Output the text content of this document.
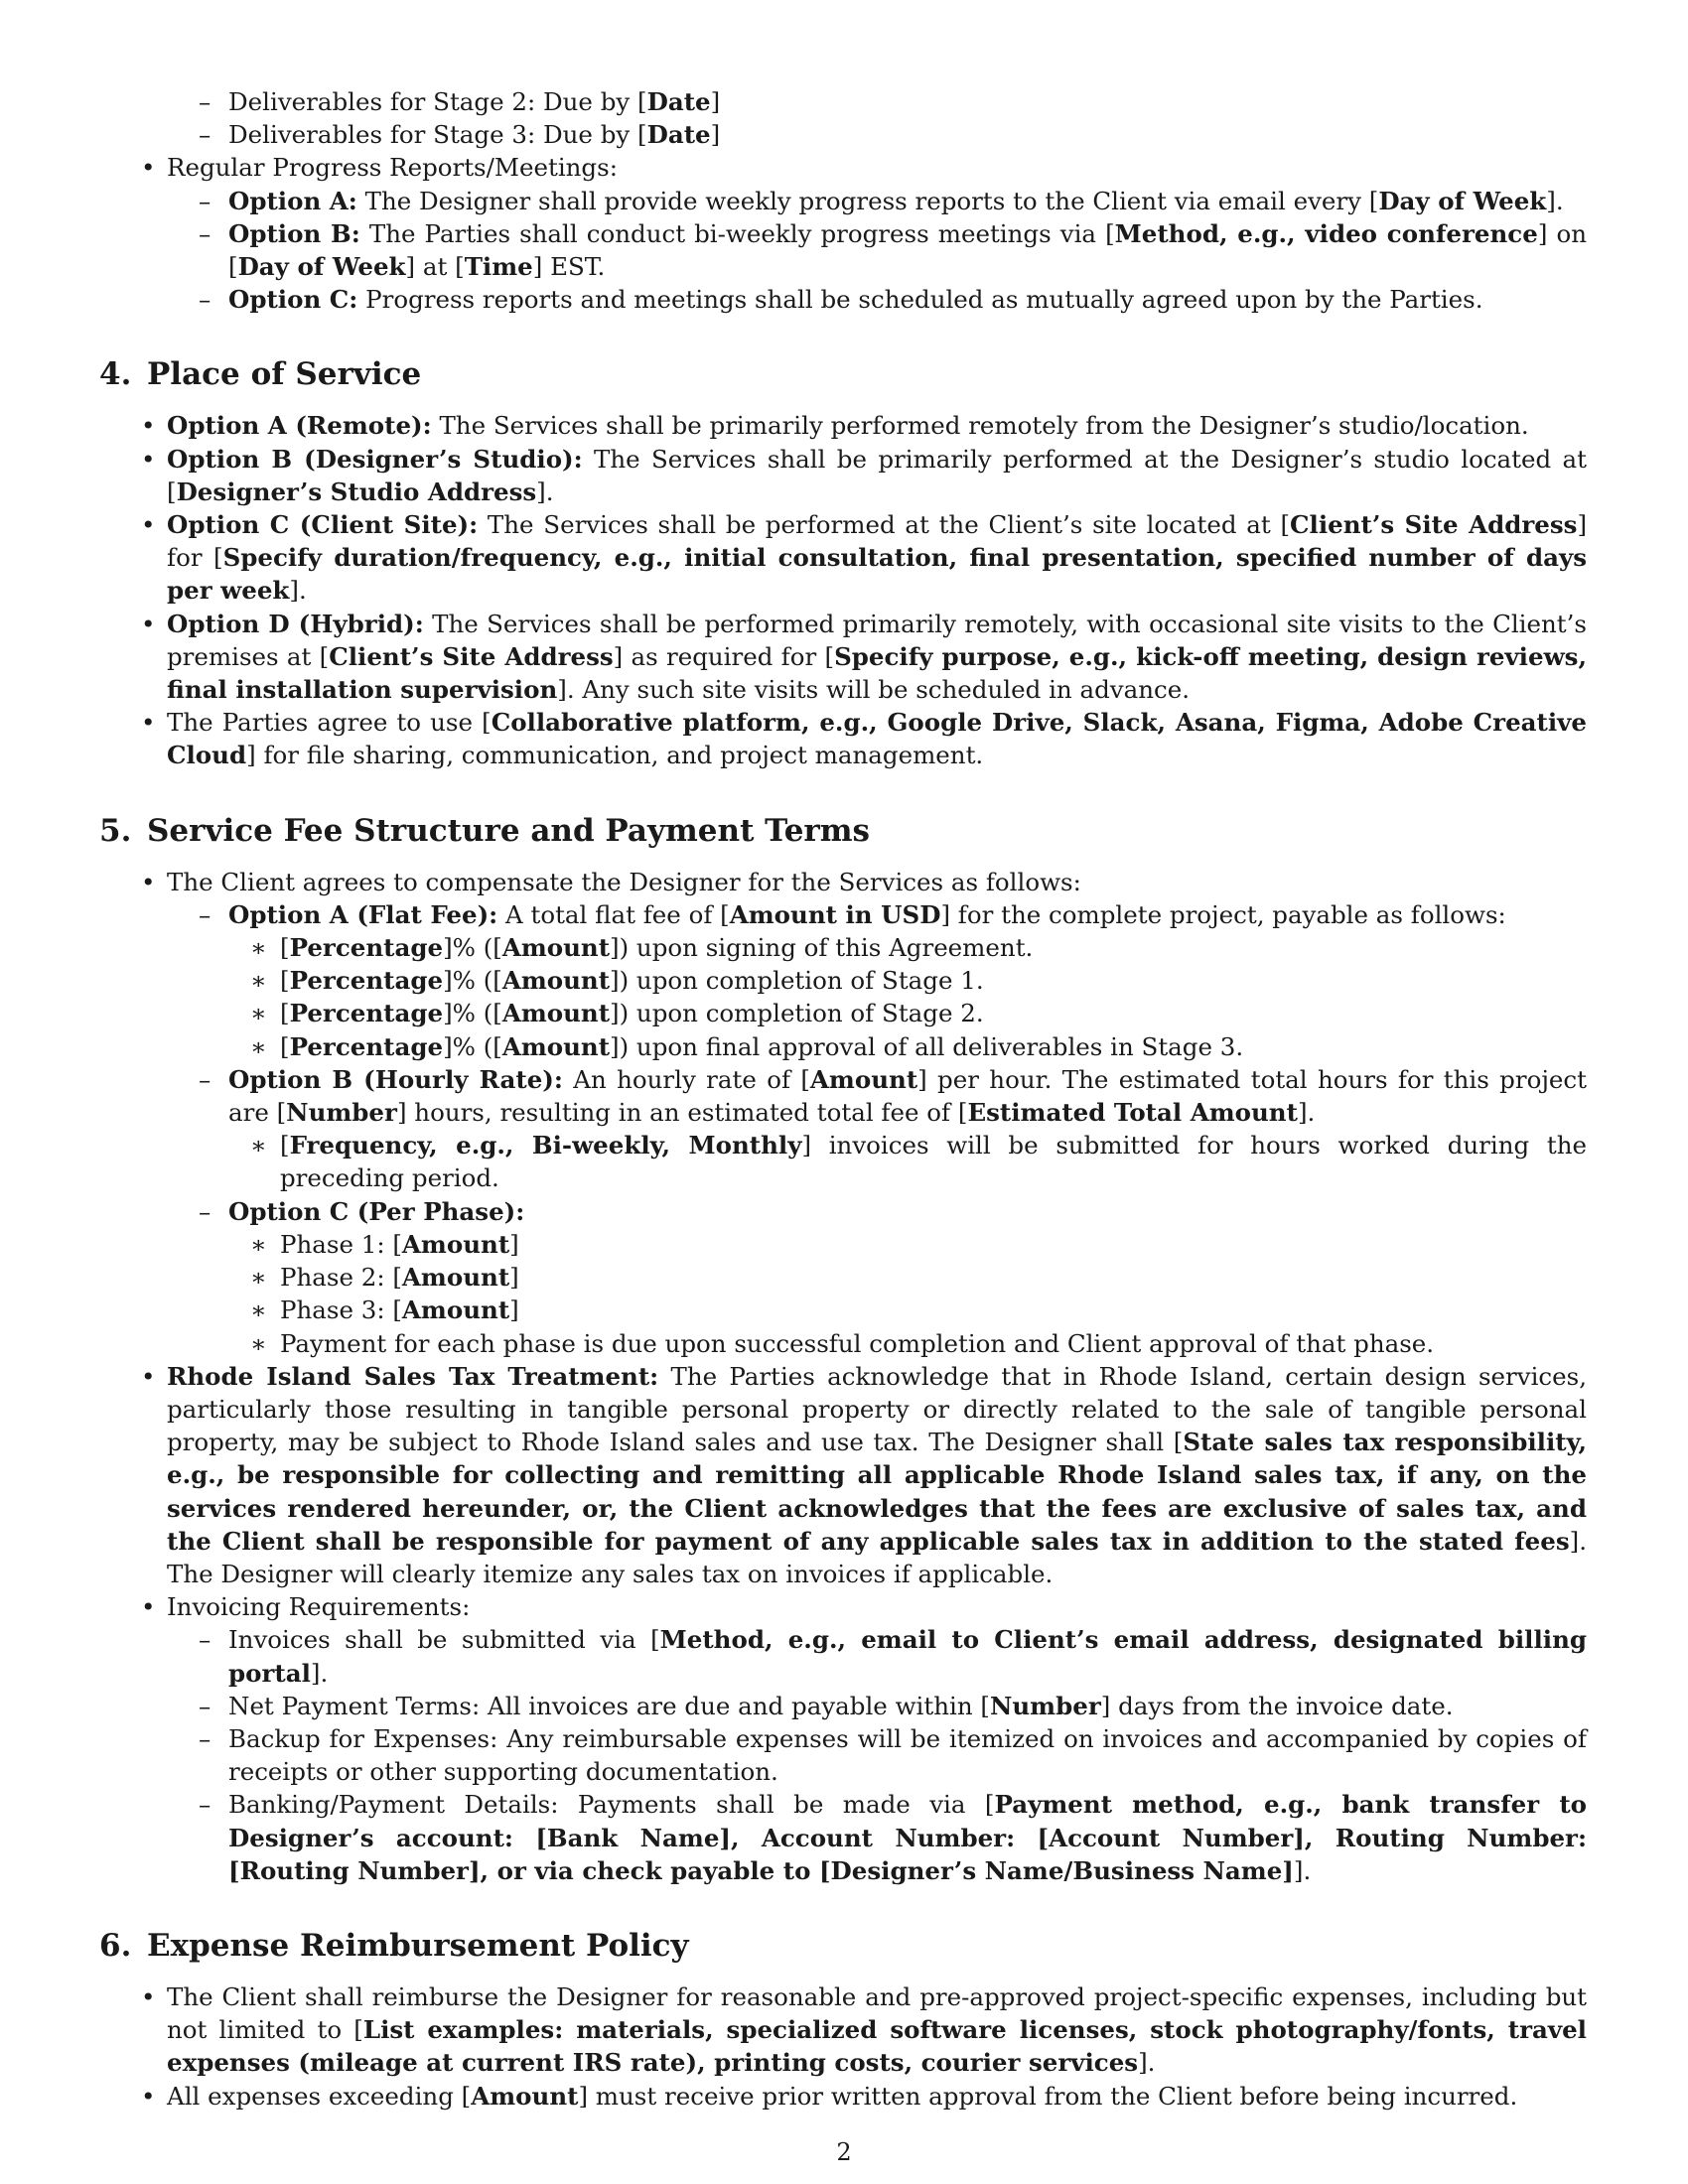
– Deliverables for Stage 2: Due by [Date]
– Deliverables for Stage 3: Due by [Date]
• Regular Progress Reports/Meetings:
– Option A: The Designer shall provide weekly progress reports to the Client via email every [Day of Week].
– Option B: The Parties shall conduct bi-weekly progress meetings via [Method, e.g., video conference] on [Day of Week] at [Time] EST.
– Option C: Progress reports and meetings shall be scheduled as mutually agreed upon by the Parties.
4. Place of Service
• Option A (Remote): The Services shall be primarily performed remotely from the Designer’s studio/location.
• Option B (Designer’s Studio): The Services shall be primarily performed at the Designer’s studio located at [Designer’s Studio Address].
• Option C (Client Site): The Services shall be performed at the Client’s site located at [Client’s Site Address] for [Specify duration/frequency, e.g., initial consultation, final presentation, specified number of days per week].
• Option D (Hybrid): The Services shall be performed primarily remotely, with occasional site visits to the Client’s premises at [Client’s Site Address] as required for [Specify purpose, e.g., kick-off meeting, design reviews, final installation supervision]. Any such site visits will be scheduled in advance.
• The Parties agree to use [Collaborative platform, e.g., Google Drive, Slack, Asana, Figma, Adobe Creative Cloud] for file sharing, communication, and project management.
5. Service Fee Structure and Payment Terms
• The Client agrees to compensate the Designer for the Services as follows:
– Option A (Flat Fee): A total flat fee of [Amount in USD] for the complete project, payable as follows:
∗ [Percentage]% ([Amount]) upon signing of this Agreement.
∗ [Percentage]% ([Amount]) upon completion of Stage 1.
∗ [Percentage]% ([Amount]) upon completion of Stage 2.
∗ [Percentage]% ([Amount]) upon final approval of all deliverables in Stage 3.
– Option B (Hourly Rate): An hourly rate of [Amount] per hour. The estimated total hours for this project are [Number] hours, resulting in an estimated total fee of [Estimated Total Amount].
∗ [Frequency, e.g., Bi-weekly, Monthly] invoices will be submitted for hours worked during the preceding period.
– Option C (Per Phase):
∗ Phase 1: [Amount]
∗ Phase 2: [Amount]
∗ Phase 3: [Amount]
∗ Payment for each phase is due upon successful completion and Client approval of that phase.
• Rhode Island Sales Tax Treatment: The Parties acknowledge that in Rhode Island, certain design services, particularly those resulting in tangible personal property or directly related to the sale of tangible personal property, may be subject to Rhode Island sales and use tax. The Designer shall [State sales tax responsibility, e.g., be responsible for collecting and remitting all applicable Rhode Island sales tax, if any, on the services rendered hereunder, or, the Client acknowledges that the fees are exclusive of sales tax, and the Client shall be responsible for payment of any applicable sales tax in addition to the stated fees]. The Designer will clearly itemize any sales tax on invoices if applicable.
• Invoicing Requirements:
– Invoices shall be submitted via [Method, e.g., email to Client’s email address, designated billing portal].
– Net Payment Terms: All invoices are due and payable within [Number] days from the invoice date.
– Backup for Expenses: Any reimbursable expenses will be itemized on invoices and accompanied by copies of receipts or other supporting documentation.
– Banking/Payment Details: Payments shall be made via [Payment method, e.g., bank transfer to Designer’s account: [Bank Name], Account Number: [Account Number], Routing Number: [Routing Number], or via check payable to [Designer’s Name/Business Name]].
6. Expense Reimbursement Policy
• The Client shall reimburse the Designer for reasonable and pre-approved project-specific expenses, including but not limited to [List examples: materials, specialized software licenses, stock photography/fonts, travel expenses (mileage at current IRS rate), printing costs, courier services].
• All expenses exceeding [Amount] must receive prior written approval from the Client before being incurred.
2
